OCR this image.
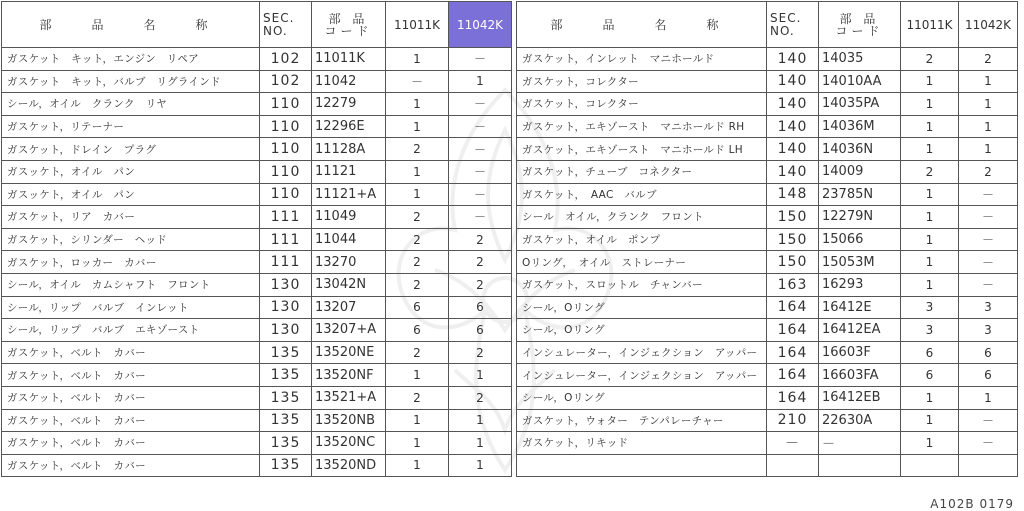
部　品　名　称	SEC.
NO.	部 品
コード	11011K	11042K		部　品　名　称	SEC.
NO.	部 品
コード	11011K	11042K
ガスケット　キット，エンジン　リペア	102	11011K	1	－		ガスケット，インレット　マニホールド	140	14035	2	2
ガスケット　キット，バルブ　リグラインド	102	11042	－	1		ガスケット，コレクター	140	14010AA	1	1
シール，オイル　クランク　リヤ	110	12279	1	－		ガスケット，コレクター	140	14035PA	1	1
ガスケット，リテーナー	110	12296E	1	－		ガスケット，エキゾースト　マニホールド RH	140	14036M	1	1
ガスケット，ドレイン　プラグ	110	11128A	2	－		ガスケット，エキゾースト　マニホールド LH	140	14036N	1	1
ガスッケト，オイル　パン	110	11121	1	－		ガスケット，チューブ　コネクター	140	14009	2	2
ガスッケト，オイル　パン	110	11121+A	1	－		ガスケット，　AAC　バルブ	148	23785N	1	－
ガスケット，リア　カバー	111	11049	2	－		シール　オイル，クランク　フロント	150	12279N	1	－
ガスケット，シリンダー　ヘッド	111	11044	2	2		ガスケット，オイル　ポンプ	150	15066	1	－
ガスケット，ロッカー　カバー	111	13270	2	2		Oリング，　オイル　ストレーナー	150	15053M	1	－
シール，オイル　カムシャフト　フロント	130	13042N	2	2		ガスケット，スロットル　チャンバー	163	16293	1	－
シール，リップ　バルブ　インレット	130	13207	6	6		シール，Oリング	164	16412E	3	3
シール，リップ　バルブ　エキゾースト	130	13207+A	6	6		シール，Oリング	164	16412EA	3	3
ガスケット，ベルト　カバー	135	13520NE	2	2		インシュレーター，インジェクション　アッパー	164	16603F	6	6
ガスケット，ベルト　カバー	135	13520NF	1	1		インシュレーター，インジェクション　アッパー	164	16603FA	6	6
ガスケット，ベルト　カバー	135	13521+A	2	2		シール，Oリング	164	16412EB	1	1
ガスケット，ベルト　カバー	135	13520NB	1	1		ガスケット，ウォター　テンパレーチャー	210	22630A	1	－
ガスケット，ベルト　カバー	135	13520NC	1	1		ガスケット，リキッド	－	－	1	－
ガスケット，ベルト　カバー	135	13520ND	1	1						
A102B 0179
